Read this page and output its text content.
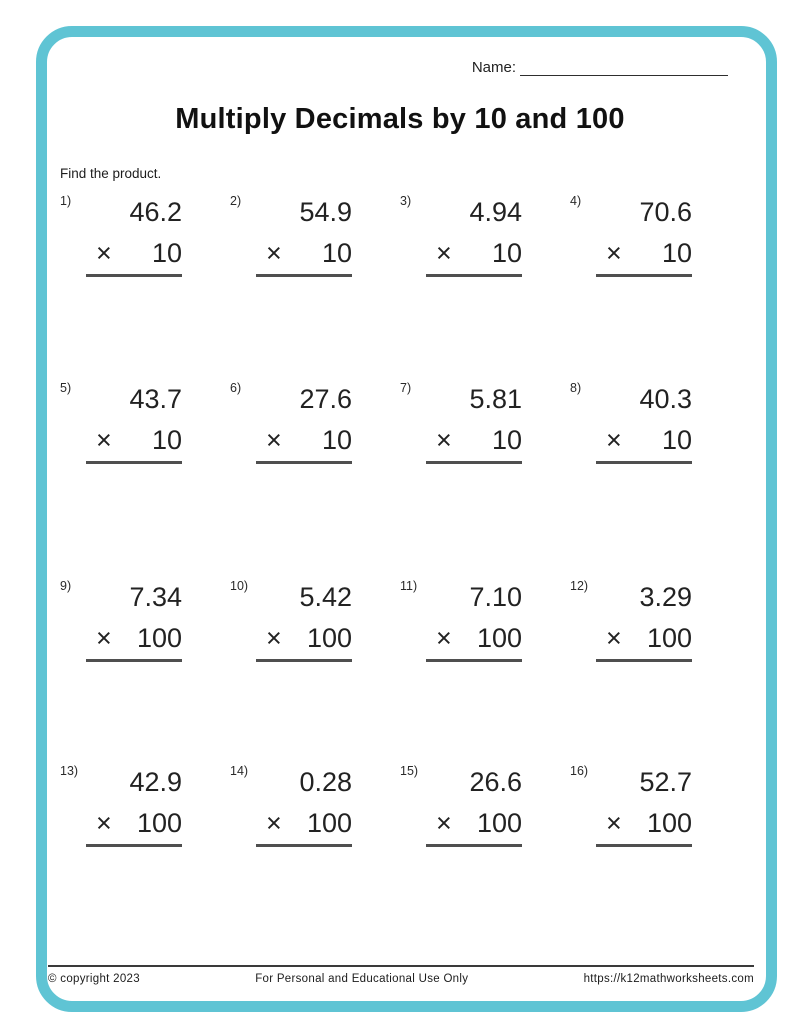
Name:
Multiply Decimals by 10 and 100
Find the product.
1)	46.2
× 10
2)	54.9
× 10
3)	4.94
× 10
4)	70.6
× 10
5)	43.7
× 10
6)	27.6
× 10
7)	5.81
× 10
8)	40.3
× 10
9)	7.34
× 100
10)	5.42
× 100
11)	7.10
× 100
12)	3.29
× 100
13)	42.9
× 100
14)	0.28
× 100
15)	26.6
× 100
16)	52.7
× 100
© copyright 2023	For Personal and Educational Use Only	https://k12mathworksheets.com
